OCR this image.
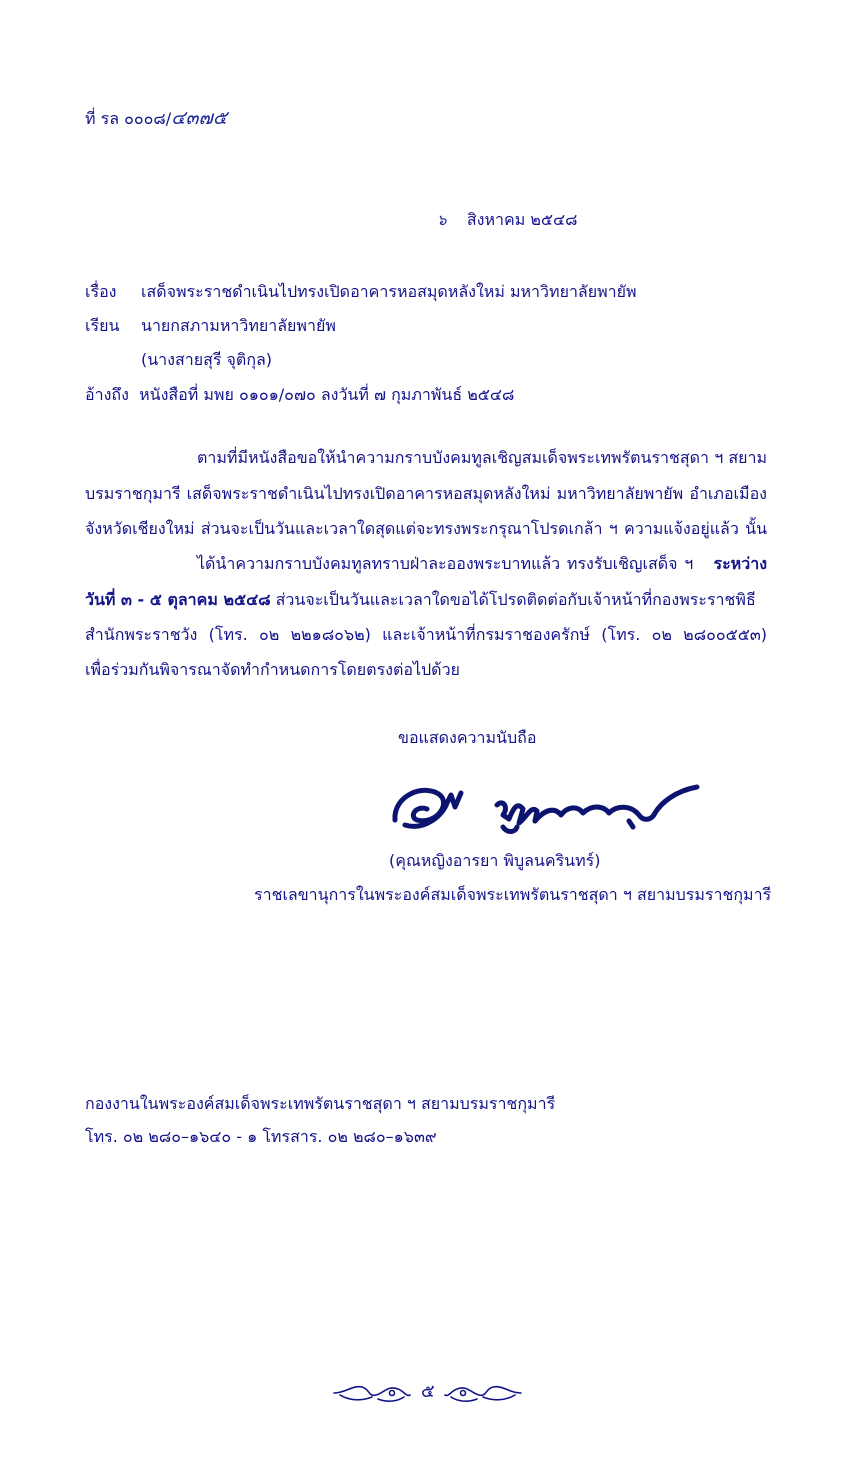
ที่ รล ๐๐๐๘/๔๓๗๕
๖ สิงหาคม ๒๕๔๘
เรื่อง เสด็จพระราชดำเนินไปทรงเปิดอาคารหอสมุดหลังใหม่ มหาวิทยาลัยพายัพ
เรียน นายกสภามหาวิทยาลัยพายัพ
(นางสายสุรี จุติกุล)
อ้างถึง หนังสือที่ มพย ๐๑๐๑/๐๗๐ ลงวันที่ ๗ กุมภาพันธ์ ๒๕๔๘
ตามที่มีหนังสือขอให้นำความกราบบังคมทูลเชิญสมเด็จพระเทพรัตนราชสุดา ฯ สยาม
บรมราชกุมารี เสด็จพระราชดำเนินไปทรงเปิดอาคารหอสมุดหลังใหม่ มหาวิทยาลัยพายัพ อำเภอเมือง
จังหวัดเชียงใหม่ ส่วนจะเป็นวันและเวลาใดสุดแต่จะทรงพระกรุณาโปรดเกล้า ฯ ความแจ้งอยู่แล้ว นั้น
ได้นำความกราบบังคมทูลทราบฝ่าละอองพระบาทแล้ว ทรงรับเชิญเสด็จ ฯ   ระหว่าง
วันที่ ๓ - ๕ ตุลาคม ๒๕๔๘ ส่วนจะเป็นวันและเวลาใดขอได้โปรดติดต่อกับเจ้าหน้าที่กองพระราชพิธี
สำนักพระราชวัง (โทร. ๐๒ ๒๒๑๘๐๖๒) และเจ้าหน้าที่กรมราชองครักษ์ (โทร. ๐๒ ๒๘๐๐๕๕๓)
เพื่อร่วมกันพิจารณาจัดทำกำหนดการโดยตรงต่อไปด้วย
ขอแสดงความนับถือ
(คุณหญิงอารยา พิบูลนครินทร์)
ราชเลขานุการในพระองค์สมเด็จพระเทพรัตนราชสุดา ฯ สยามบรมราชกุมารี
กองงานในพระองค์สมเด็จพระเทพรัตนราชสุดา ฯ สยามบรมราชกุมารี
โทร. ๐๒ ๒๘๐–๑๖๔๐ - ๑ โทรสาร. ๐๒ ๒๘๐–๑๖๓๙
๕
